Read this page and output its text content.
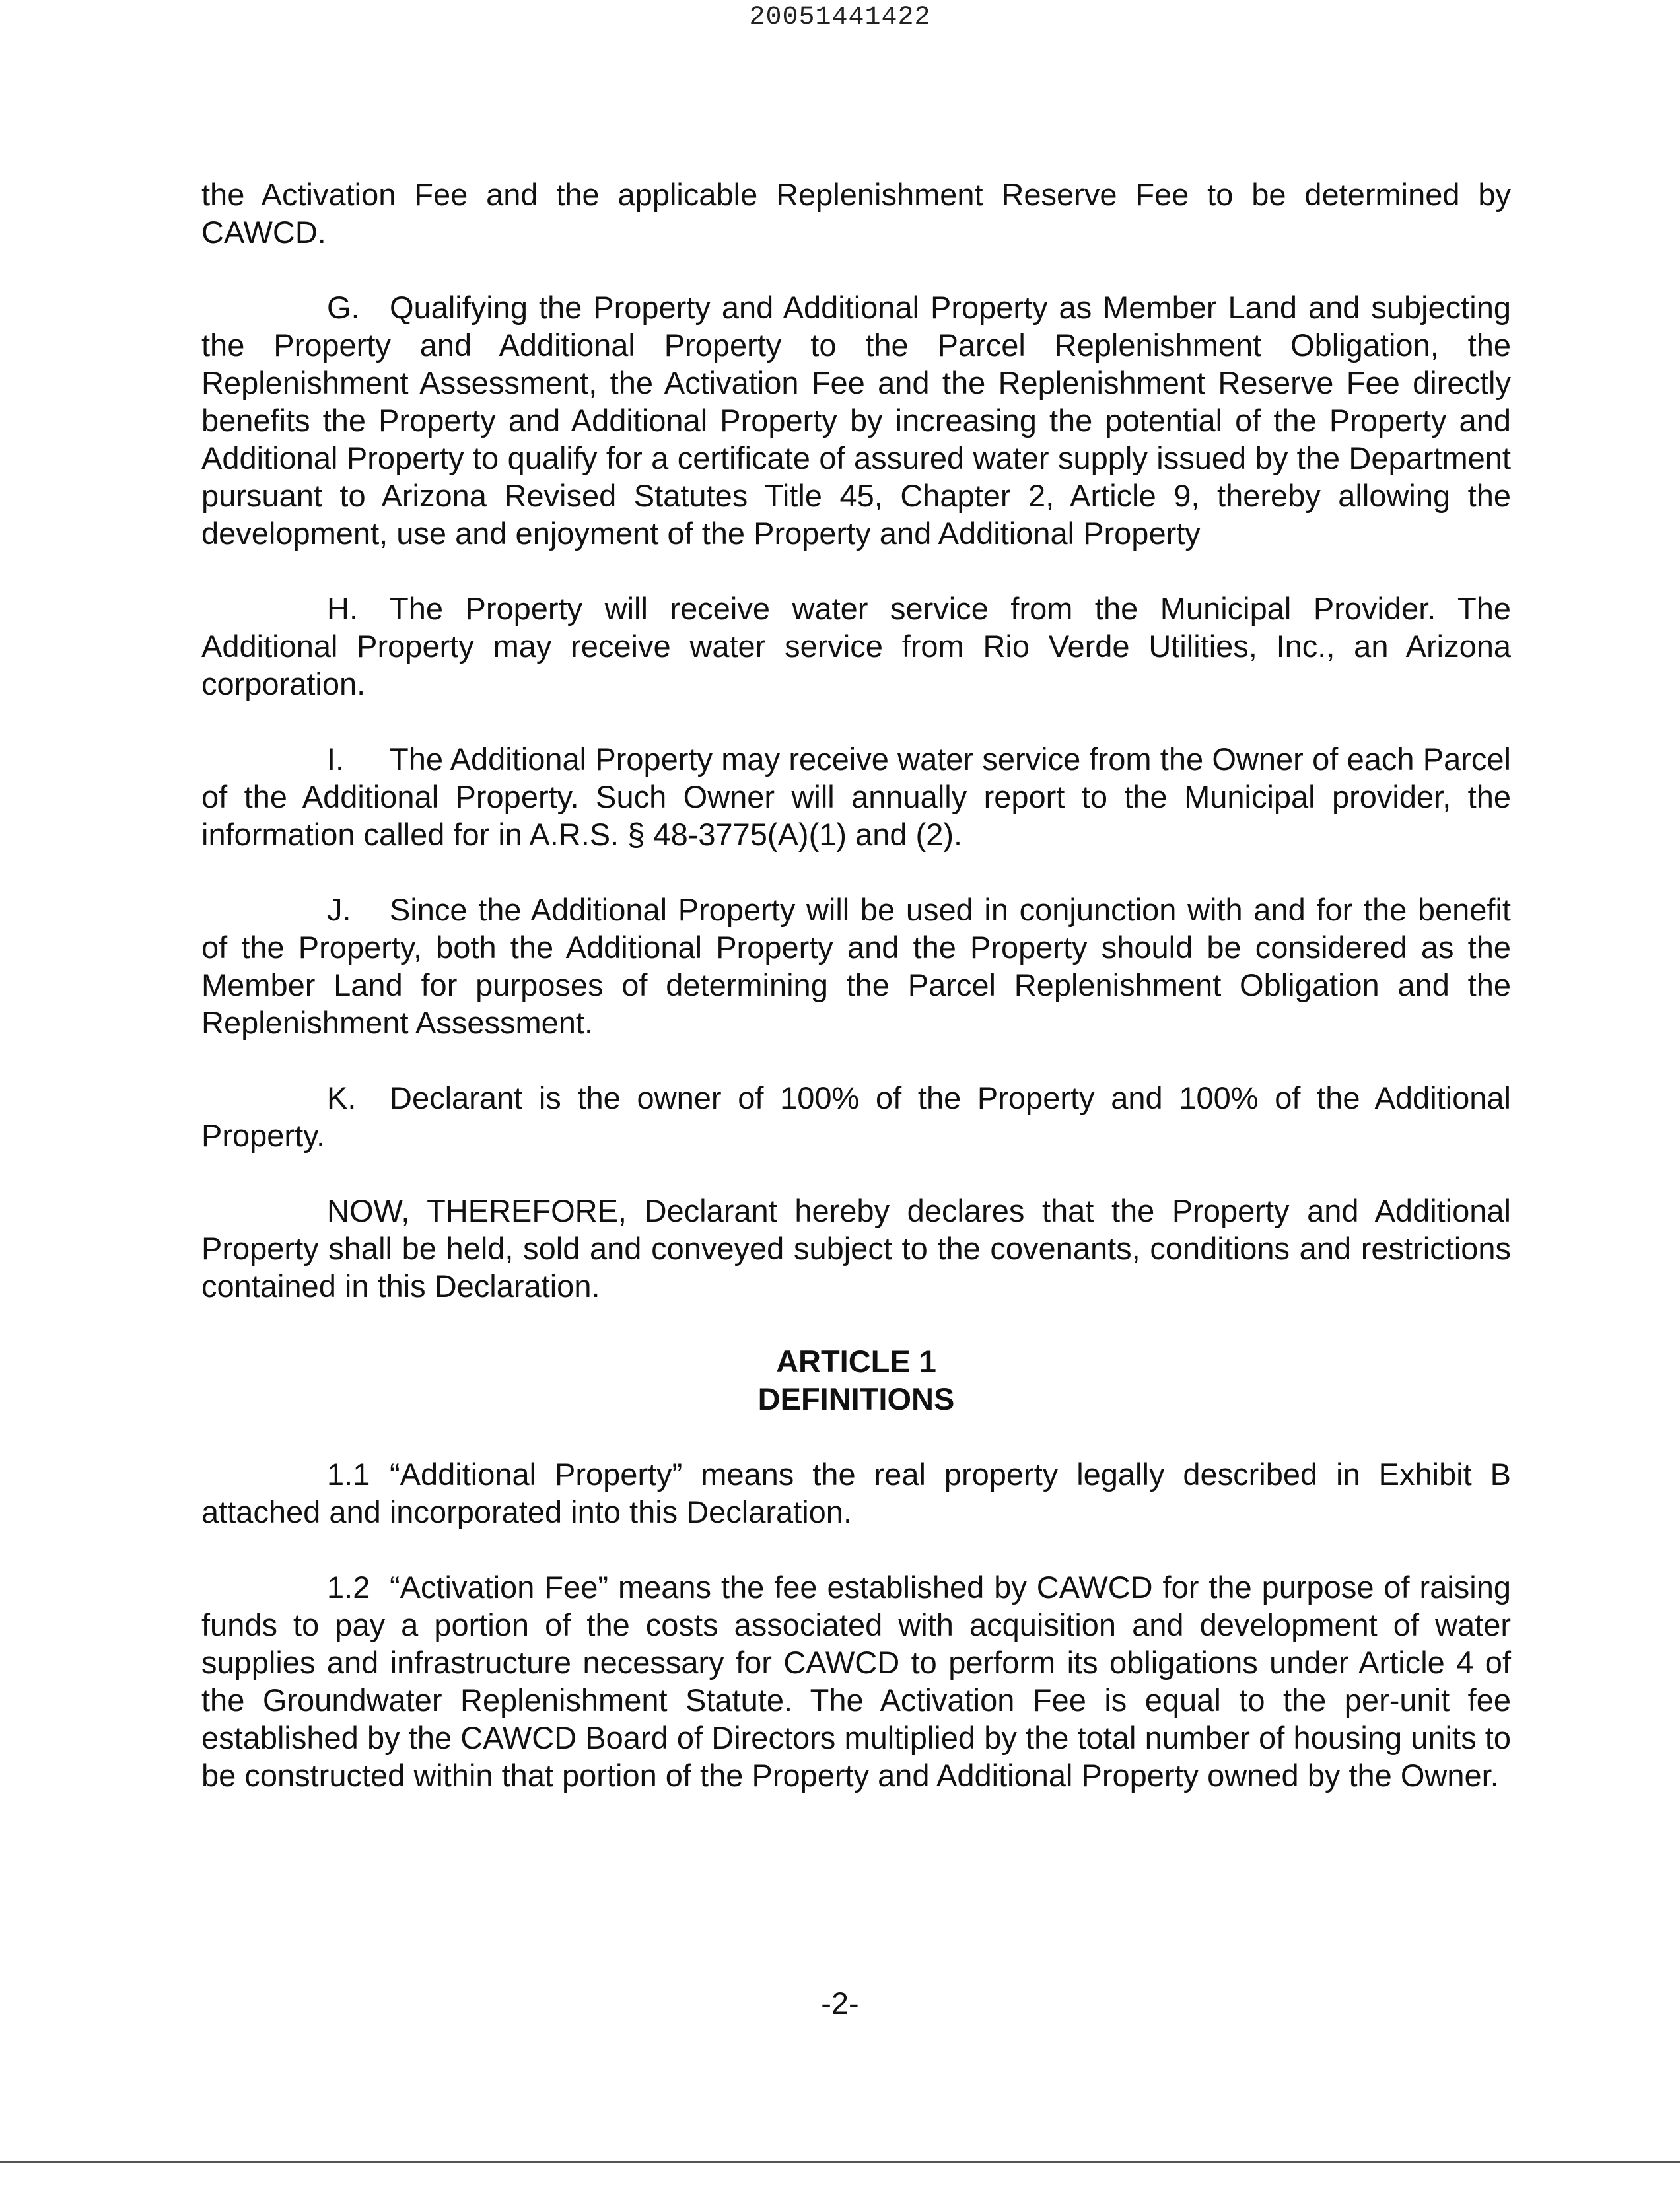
20051441422

the Activation Fee and the applicable Replenishment Reserve Fee to be determined by CAWCD.

G. Qualifying the Property and Additional Property as Member Land and subjecting the Property and Additional Property to the Parcel Replenishment Obligation, the Replenishment Assessment, the Activation Fee and the Replenishment Reserve Fee directly benefits the Property and Additional Property by increasing the potential of the Property and Additional Property to qualify for a certificate of assured water supply issued by the Department pursuant to Arizona Revised Statutes Title 45, Chapter 2, Article 9, thereby allowing the development, use and enjoyment of the Property and Additional Property

H. The Property will receive water service from the Municipal Provider. The Additional Property may receive water service from Rio Verde Utilities, Inc., an Arizona corporation.

I. The Additional Property may receive water service from the Owner of each Parcel of the Additional Property. Such Owner will annually report to the Municipal provider, the information called for in A.R.S. § 48-3775(A)(1) and (2).

J. Since the Additional Property will be used in conjunction with and for the benefit of the Property, both the Additional Property and the Property should be considered as the Member Land for purposes of determining the Parcel Replenishment Obligation and the Replenishment Assessment.

K. Declarant is the owner of 100% of the Property and 100% of the Additional Property.

NOW, THEREFORE, Declarant hereby declares that the Property and Additional Property shall be held, sold and conveyed subject to the covenants, conditions and restrictions contained in this Declaration.

ARTICLE 1
DEFINITIONS

1.1 “Additional Property” means the real property legally described in Exhibit B attached and incorporated into this Declaration.

1.2 “Activation Fee” means the fee established by CAWCD for the purpose of raising funds to pay a portion of the costs associated with acquisition and development of water supplies and infrastructure necessary for CAWCD to perform its obligations under Article 4 of the Groundwater Replenishment Statute. The Activation Fee is equal to the per-unit fee established by the CAWCD Board of Directors multiplied by the total number of housing units to be constructed within that portion of the Property and Additional Property owned by the Owner.

-2-
